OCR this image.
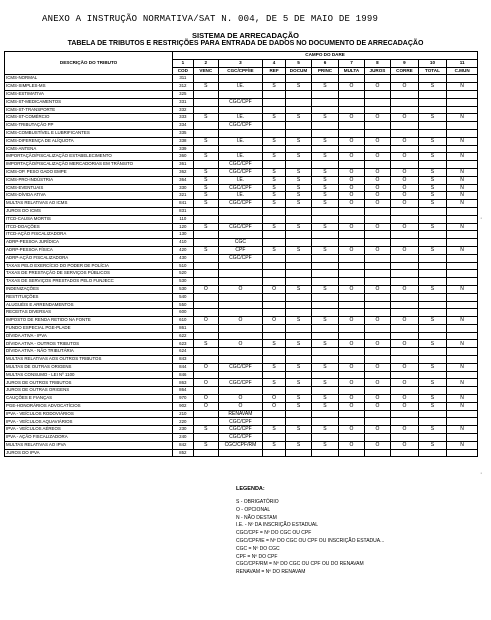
ANEXO A INSTRUÇÃO NORMATIVA/SAT N. 004, DE 5 DE MAIO DE 1999
SISTEMA DE ARRECADAÇÃO
TABELA DE TRIBUTOS E RESTRIÇÕES PARA ENTRADA DE DADOS NO DOCUMENTO DE ARRECADAÇÃO
DESCRIÇÃO DO TRIBUTO	CAMPO DO DARE										
	1	2	3	4	5	6	7	8	9	10	11
	COD	VENC	CGC/CPF/IE	REF	DOCUM	PRINC	MULTA	JUROS	CORRE	TOTAL	C.MUN
ICMS-NORMAL	311										
ICMS-SIMPLES-MS	312	S	I.E.	S	S	S	O	O	O	S	N
ICMS-ESTIMATIVA	325										
ICMS-ST-MEDICAMENTOS	331		CGC/CPF								
ICMS-ST-TRANSPORTE	332										
ICMS-ST-COMÉRCIO	333	S	I.E.	S	S	S	O	O	O	S	N
ICMS-TRIBUTAÇÃO PP	334		CGC/CPF								
ICMS-COMBUSTÍVEL E LUBRIFICANTES	335										
ICMS-DIFERENÇA DE ALÍQUOTA	338	S	I.E.	S	S	S	O	O	O	S	N
ICMS-ANTENA	339										
IMPORTAÇÃO/FISCALIZAÇÃO ESTABELECIMENTO	360	S	I.E.	S	S	S	O	O	O	S	N
IMPORTAÇÃO/FISCALIZAÇÃO MERCADORIAS EM TRÂNSITO	361		CGC/CPF								
ICMS-OP. PESO GADO EMPE	362	S	CGC/CPF	S	S	S	O	O	O	S	N
ICMS-PRO-INDÚSTRIA	364	S	I.E.	S	S	S	O	O	O	S	N
ICMS-EVENTUAIS	330	S	CGC/CPF	S	S	S	O	O	O	S	N
ICMS-DÍVIDA ATIVA	321	S	I.E.	S	S	S	O	O	O	S	N
MULTAS RELATIVAS AO ICMS	841	S	CGC/CPF	S	S	S	O	O	O	S	N
JUROS DO ICMS	831										
ITCD-CAUSA MORTIS	110										
ITCD-DOAÇÕES	120	S	CGC/CPF	S	S	S	O	O	O	S	N
ITCD-AÇÃO FISCALIZADORA	130										
ADRP-PESSOA JURÍDICA	410		CGC								
ADRP-PESSOA FÍSICA	420	S	CPF	S	S	S	O	O	O	S	N
ADRP-AÇÃO FISCALIZADORA	430		CGC/CPF								
TAXAS PELO EXERCÍCIO DO PODER DE POLÍCIA	510										
TAXAS DE PRESTAÇÃO DE SERVIÇOS PÚBLICOS	520										
TAXAS DE SERVIÇOS PRESTADOS PELO FUNJECC	530										
INDENIZAÇÕES	530	O	O	O	S	S	O	O	O	S	N
RESTITUIÇÕES	540										
ALUGUÉIS E ARRENDAMENTOS	550										
RECEITAS DIVERSAS	600										
IMPOSTO DE RENDA RETIDO NA FONTE	610	O	O	O	S	S	O	O	O	S	N
FUNDO ESPECIAL PGE-PLADE	861										
DÍVIDA ATIVA - IPVA	622										
DÍVIDA ATIVA - OUTROS TRIBUTOS	623	S	O	S	S	S	O	O	O	S	N
DÍVIDA ATIVA - NÃO TRIBUTÁRIA	624										
MULTAS RELATIVAS AOS OUTROS TRIBUTOS	843										
MULTAS DE OUTRAS ORIGENS	844	O	CGC/CPF	S	S	S	O	O	O	S	N
MULTAS CONSUMO - LEI Nº 1100	846										
JUROS DE OUTROS TRIBUTOS	863	O	CGC/CPF	S	S	S	O	O	O	S	N
JUROS DE OUTRAS ORIGENS	864										
CAUÇÕES E FIANÇAS	970	O	O	O	S	S	O	O	O	S	N
PGE-HONORÁRIOS ADVOCATÍCIOS	902	O	O	O	S	S	O	O	O	S	N
IPVA - VEÍCULOS RODOVIÁRIOS	210		RENAVAM								
IPVA - VEÍCULOS AQUAVIÁRIOS	220		CGC/CPF								
IPVA - VEÍCULOS AÉREOS	230	S	CGC/CPF	S	S	S	O	O	O	S	N
IPVA - AÇÃO FISCALIZADORA	240		CGC/CPF								
MULTAS RELATIVAS AO IPVA	842	S	CGC/CPF/RM	S	S	S	O	O	O	S	N
JUROS DO IPVA	852										
LEGENDA:
S - OBRIGATÓRIO
O - OPCIONAL
N - NÃO DESTAM
I.E. - Nº DA INSCRIÇÃO ESTADUAL
CGC/CPF = Nº DO CGC OU CPF
CGC/CPF/IE = Nº DO CGC OU CPF OU INSCRIÇÃO ESTADUA...
CGC = Nº DO CGC
CPF = Nº DO CPF
CGC/CPF/RM = Nº DO CGC OU CPF OU DO RENAVAM
RENAVAM = Nº DO RENAVAM
·
·
